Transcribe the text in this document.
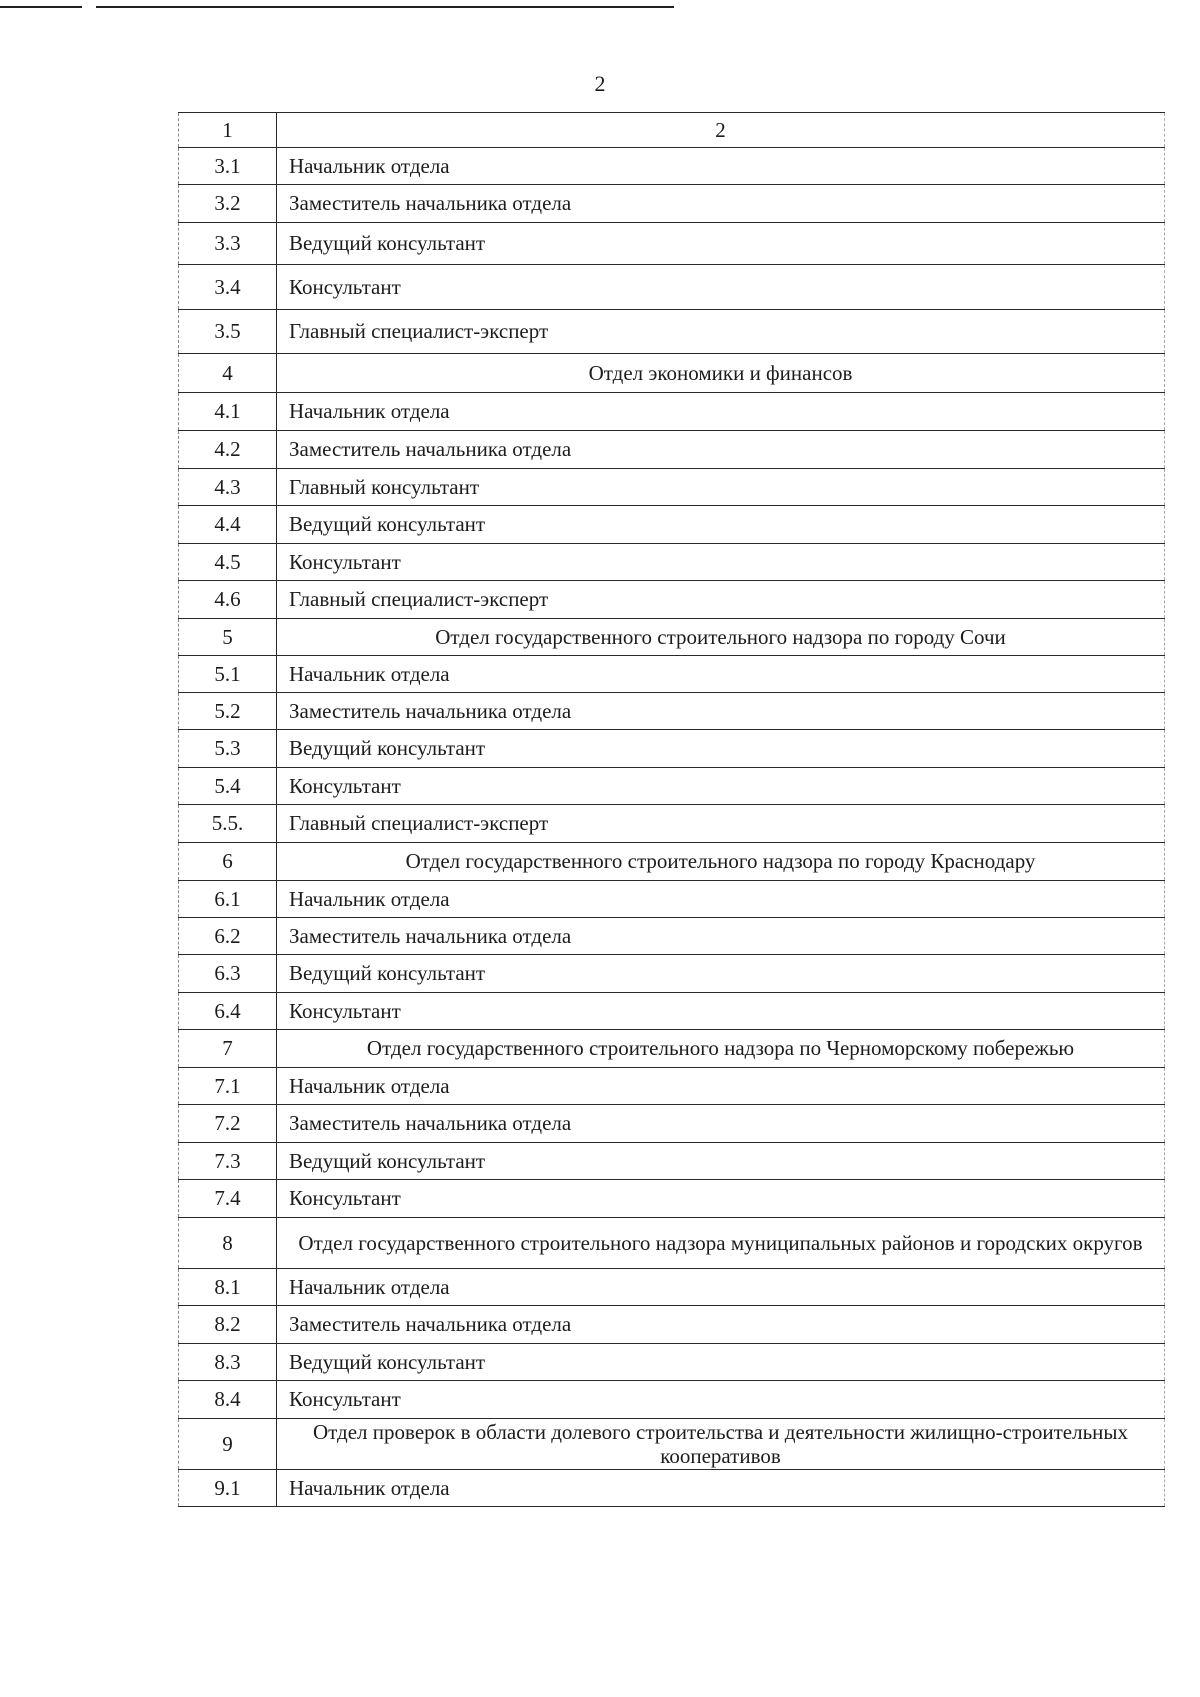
2
1	2
3.1	Начальник отдела
3.2	Заместитель начальника отдела
3.3	Ведущий консультант
3.4	Консультант
3.5	Главный специалист-эксперт
4	Отдел экономики и финансов
4.1	Начальник отдела
4.2	Заместитель начальника отдела
4.3	Главный консультант
4.4	Ведущий консультант
4.5	Консультант
4.6	Главный специалист-эксперт
5	Отдел государственного строительного надзора по городу Сочи
5.1	Начальник отдела
5.2	Заместитель начальника отдела
5.3	Ведущий консультант
5.4	Консультант
5.5.	Главный специалист-эксперт
6	Отдел государственного строительного надзора по городу Краснодару
6.1	Начальник отдела
6.2	Заместитель начальника отдела
6.3	Ведущий консультант
6.4	Консультант
7	Отдел государственного строительного надзора по Черноморскому побережью
7.1	Начальник отдела
7.2	Заместитель начальника отдела
7.3	Ведущий консультант
7.4	Консультант
8	Отдел государственного строительного надзора муниципальных районов и городских округов
8.1	Начальник отдела
8.2	Заместитель начальника отдела
8.3	Ведущий консультант
8.4	Консультант
9	Отдел проверок в области долевого строительства и деятельности жилищно-строительных кооперативов
9.1	Начальник отдела
